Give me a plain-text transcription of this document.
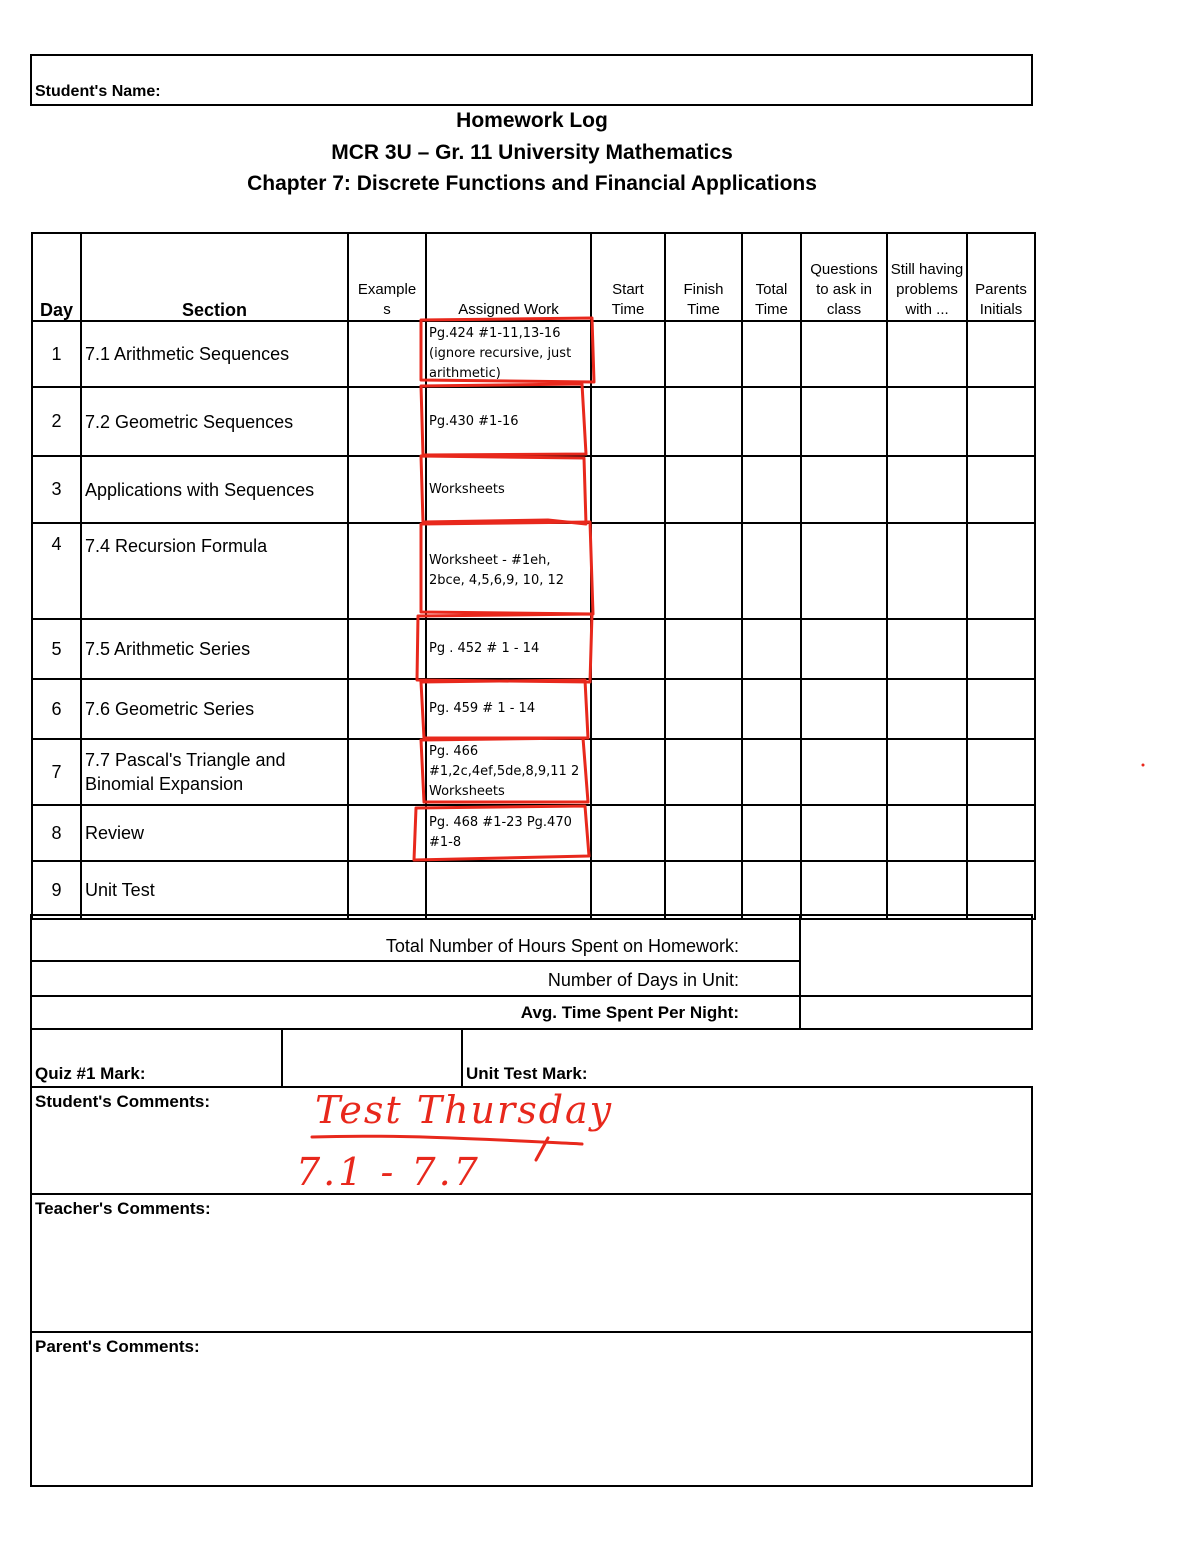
Student's Name:
Homework Log
MCR 3U – Gr. 11 University Mathematics
Chapter 7: Discrete Functions and Financial Applications
Day	Section	Example s	Assigned Work	Start Time	Finish Time	Total Time	Questions to ask in class	Still having problems with ...	Parents Initials
1	7.1 Arithmetic Sequences		Pg.424 #1-11,13-16 (ignore recursive, just arithmetic)						
2	7.2 Geometric Sequences		Pg.430 #1-16						
3	Applications with Sequences		Worksheets						
4	7.4 Recursion Formula		Worksheet - #1eh, 2bce, 4,5,6,9, 10, 12						
5	7.5 Arithmetic Series		Pg . 452 # 1 - 14						
6	7.6 Geometric Series		Pg. 459 # 1 - 14						
7	7.7 Pascal's Triangle and Binomial Expansion		Pg. 466 #1,2c,4ef,5de,8,9,11 2 Worksheets						
8	Review		Pg. 468 #1-23 Pg.470 #1-8						
9	Unit Test								
Total Number of Hours Spent on Homework:
Number of Days in Unit:
Avg. Time Spent Per Night:
Quiz #1 Mark:	Unit Test Mark:
Student's Comments:
Teacher's Comments:
Parent's Comments:
Test Thursday
7.1 - 7.7
